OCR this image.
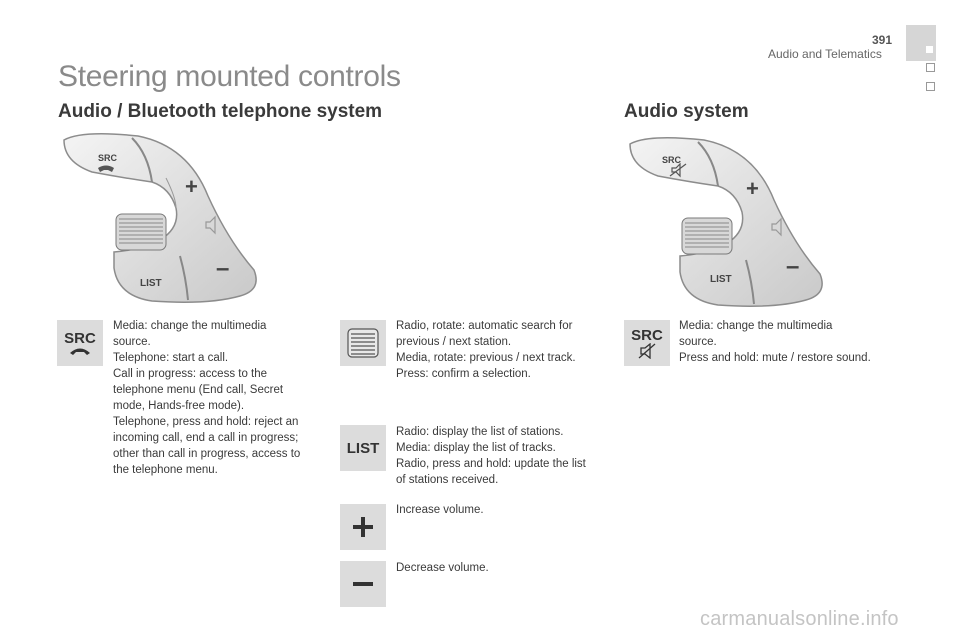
391
Audio and Telematics
Steering mounted controls
Audio / Bluetooth telephone system	Audio system
SRC
+
LIST
–
SRC
+
LIST –
SRC

Media: change the multimedia

source.

Telephone: start a call.

Call in progress: access to the

telephone menu (End call, Secret

mode, Hands-free mode).

Telephone, press and hold: reject an

incoming call, end a call in progress;

other than call in progress, access to

the telephone menu.

Radio, rotate: automatic search for

previous / next station.

Media, rotate: previous / next track.

Press: confirm a selection.

LIST

Radio: display the list of stations.

Media: display the list of tracks.

Radio, press and hold: update the list

of stations received.

Increase volume.

Decrease volume.

SRC

Media: change the multimedia

source.

Press and hold: mute / restore sound.

carmanualsonline.info
